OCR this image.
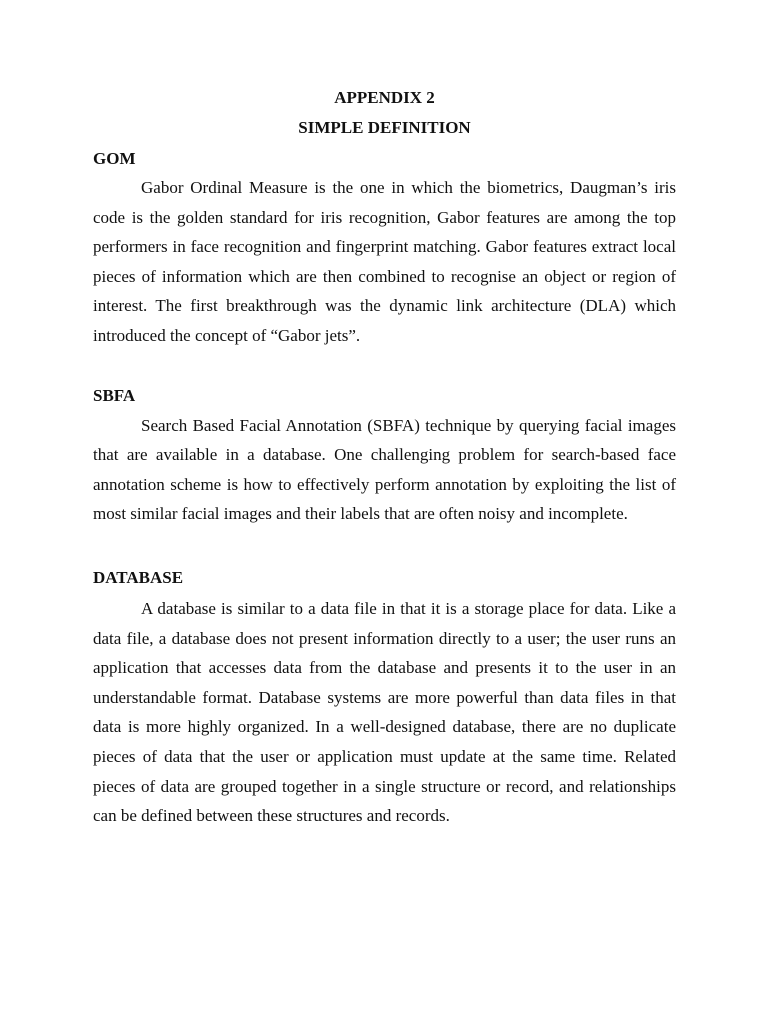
APPENDIX 2

SIMPLE DEFINITION

GOM

Gabor Ordinal Measure is the one in which the biometrics, Daugman’s iris code is the golden standard for iris recognition, Gabor features are among the top performers in face recognition and fingerprint matching. Gabor features extract local pieces of information which are then combined to recognise an object or region of interest. The first breakthrough was the dynamic link architecture (DLA) which introduced the concept of “Gabor jets”.

SBFA

Search Based Facial Annotation (SBFA) technique by querying facial images that are available in a database. One challenging problem for search-based face annotation scheme is how to effectively perform annotation by exploiting the list of most similar facial images and their labels that are often noisy and incomplete.

DATABASE

A database is similar to a data file in that it is a storage place for data. Like a data file, a database does not present information directly to a user; the user runs an application that accesses data from the database and presents it to the user in an understandable format. Database systems are more powerful than data files in that data is more highly organized. In a well-designed database, there are no duplicate pieces of data that the user or application must update at the same time. Related pieces of data are grouped together in a single structure or record, and relationships can be defined between these structures and records.
